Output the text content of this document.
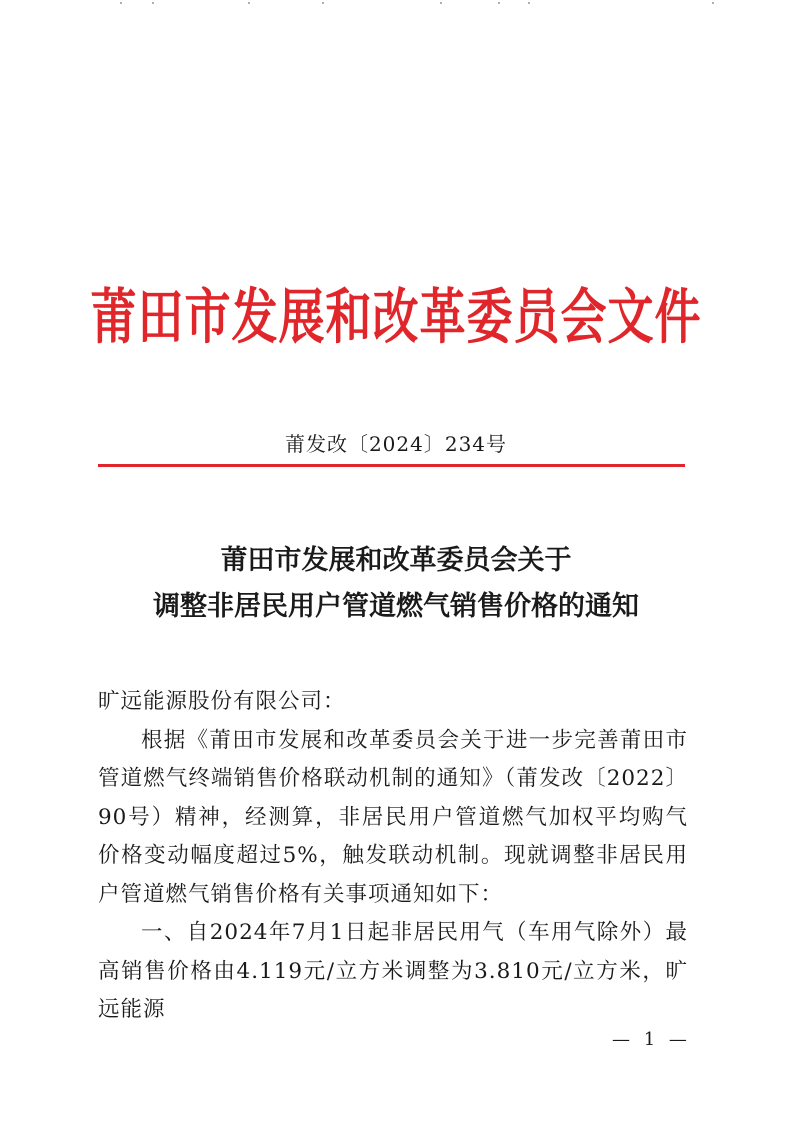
莆田市发展和改革委员会文件
莆发改〔2024〕234号
莆田市发展和改革委员会关于
调整非居民用户管道燃气销售价格的通知
旷远能源股份有限公司：
根据《莆田市发展和改革委员会关于进一步完善莆田市管道燃气终端销售价格联动机制的通知》（莆发改〔2022〕90号）精神，经测算，非居民用户管道燃气加权平均购气价格变动幅度超过5%，触发联动机制。现就调整非居民用户管道燃气销售价格有关事项通知如下：
一、自2024年7月1日起非居民用气（车用气除外）最高销售价格由4.119元/立方米调整为3.810元/立方米，旷远能源
— 1 —
